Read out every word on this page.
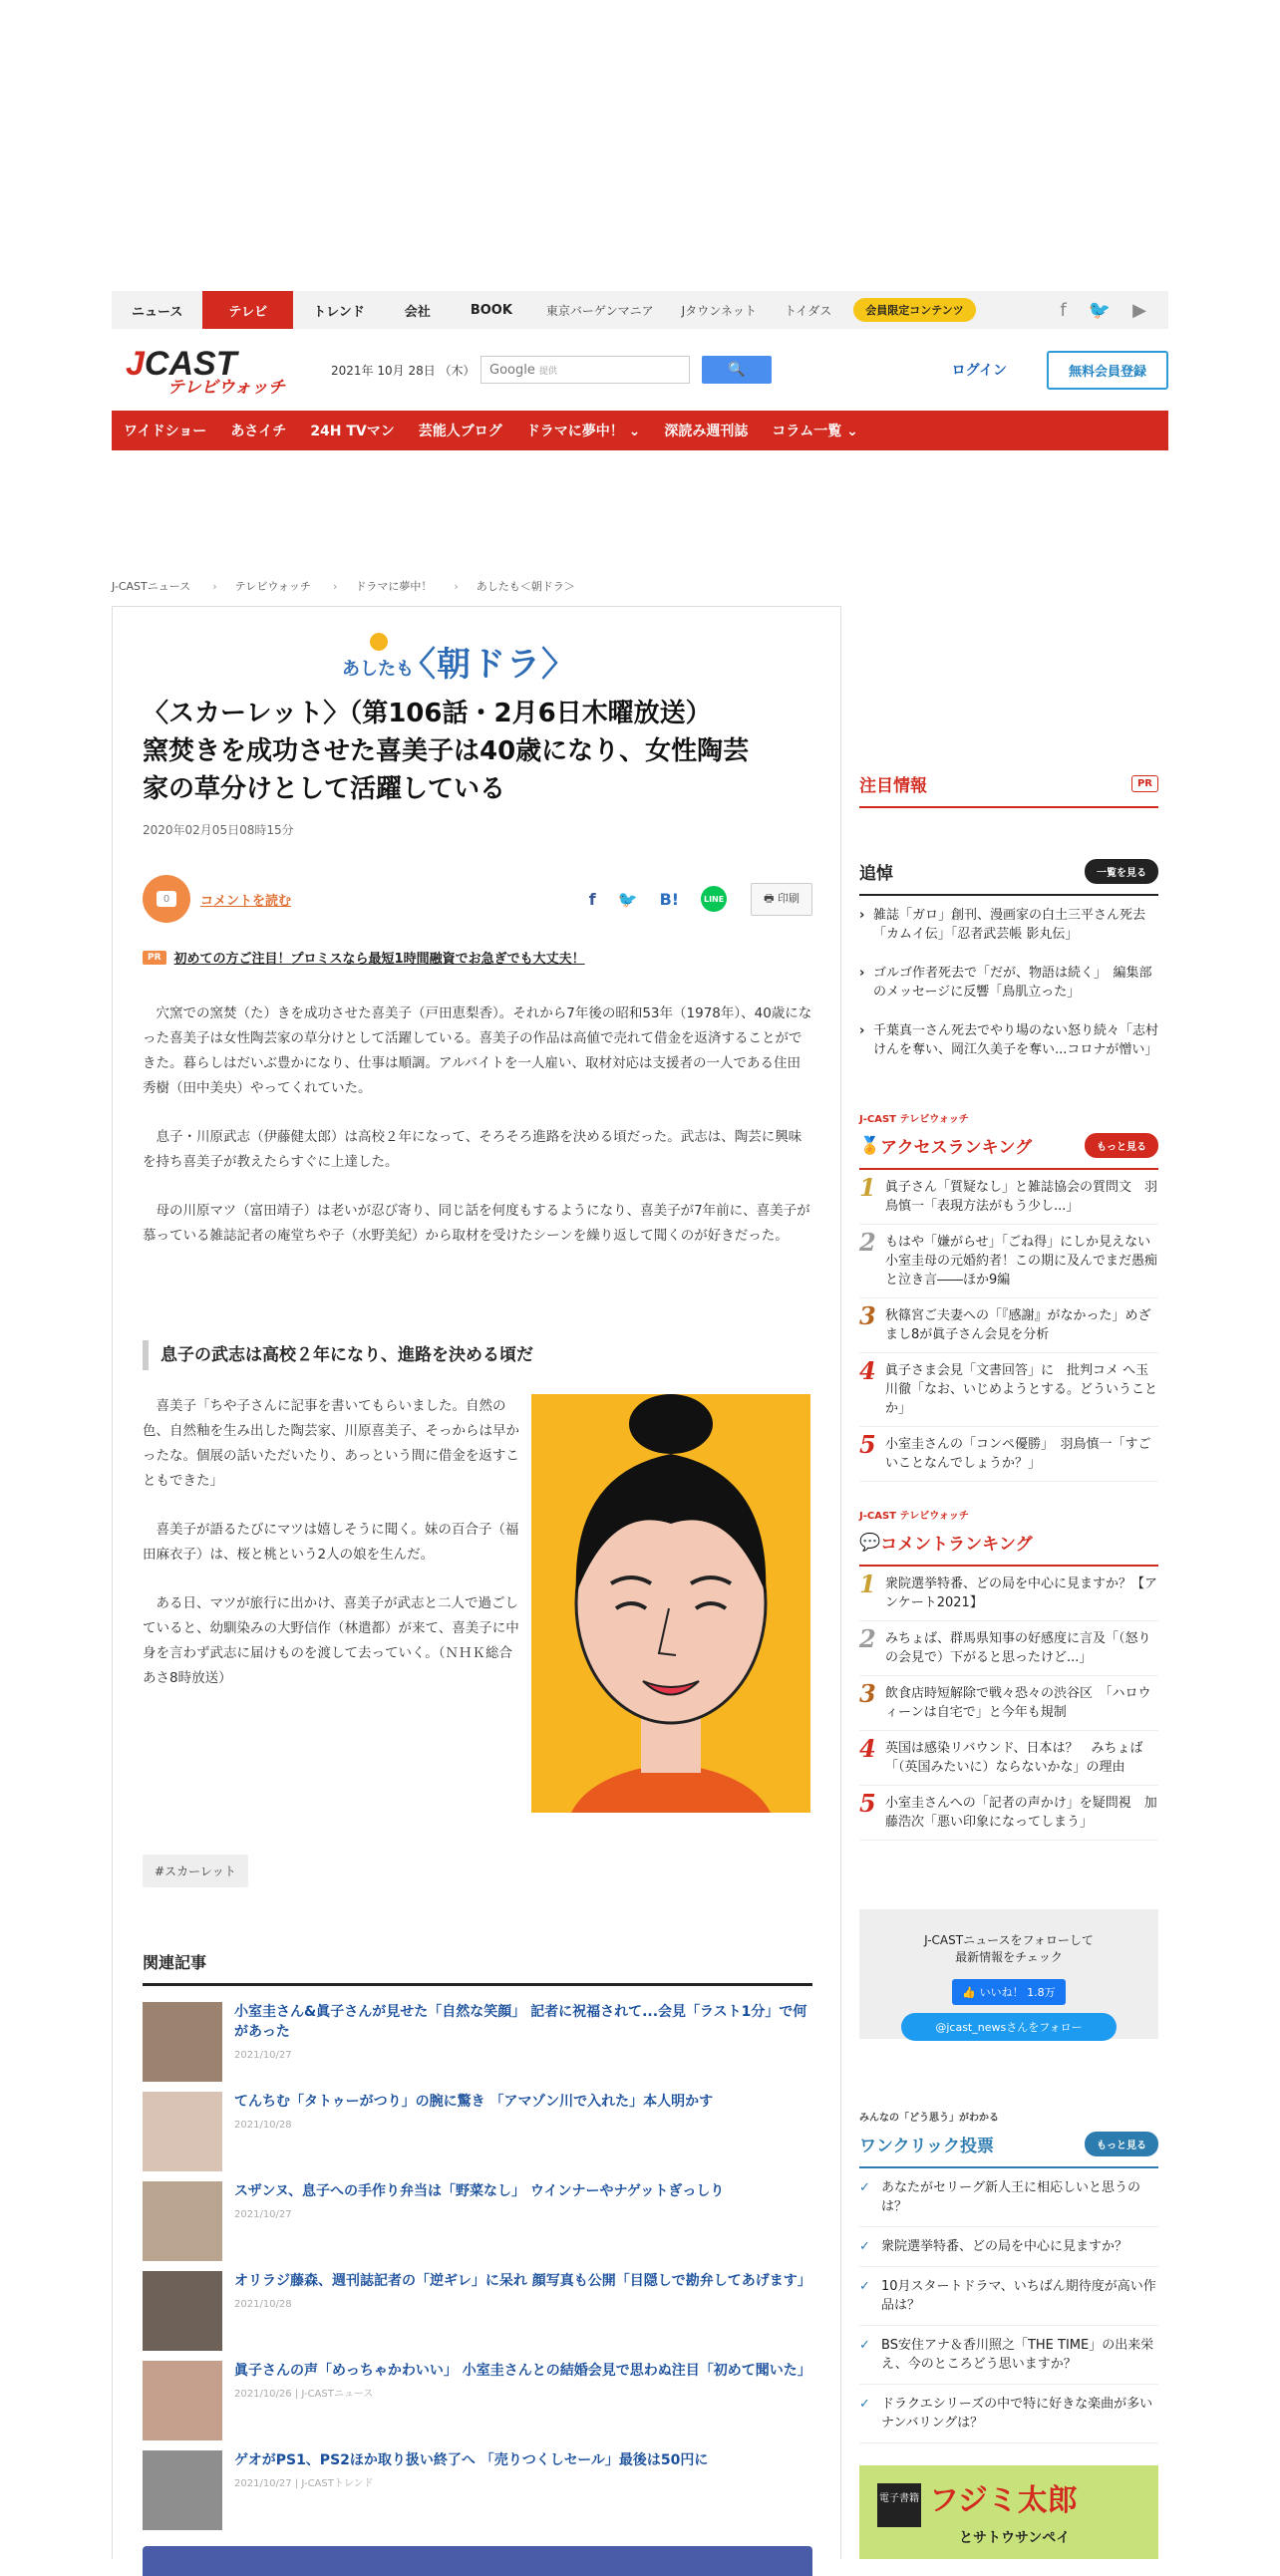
ニュース	テレビ	トレンド	会社	BOOK	東京バーゲンマニア	Jタウンネット	トイダス	会員限定コンテンツ	f 🐦 ▶
JCAST
テレビウォッチ
2021年 10月 28日 （木）	Google 提供	🔍	ログイン	無料会員登録
ワイドショー	あさイチ	24H TVマン	芸能人ブログ	ドラマに夢中！ ⌄	深読み週刊誌	コラム一覧 ⌄
J-CASTニュース	› テレビウォッチ	› ドラマに夢中！	› あしたも＜朝ドラ＞
あしたも
〈朝ドラ〉
〈スカーレット〉（第106話・2月6日木曜放送）
窯焚きを成功させた喜美子は40歳になり、女性陶芸
家の草分けとして活躍している
2020年02月05日08時15分
0	コメントを読む	f 🐦 B!	LINE	🖶 印刷
PR	初めての方ご注目！プロミスなら最短1時間融資でお急ぎでも大丈夫！

穴窯での窯焚（た）きを成功させた喜美子（戸田恵梨香）。それから7年後の昭和53年（1978年）、40歳になった喜美子は女性陶芸家の草分けとして活躍している。喜美子の作品は高値で売れて借金を返済することができた。暮らしはだいぶ豊かになり、仕事は順調。アルバイトを一人雇い、取材対応は支援者の一人である住田秀樹（田中美央）やってくれていた。

息子・川原武志（伊藤健太郎）は高校２年になって、そろそろ進路を決める頃だった。武志は、陶芸に興味を持ち喜美子が教えたらすぐに上達した。

母の川原マツ（富田靖子）は老いが忍び寄り、同じ話を何度もするようになり、喜美子が7年前に、喜美子が慕っている雑誌記者の庵堂ちや子（水野美紀）から取材を受けたシーンを繰り返して聞くのが好きだった。

息子の武志は高校２年になり、進路を決める頃だ

喜美子「ちや子さんに記事を書いてもらいました。自然の色、自然釉を生み出した陶芸家、川原喜美子、そっからは早かったな。個展の話いただいたり、あっという間に借金を返すこともできた」

喜美子が語るたびにマツは嬉しそうに聞く。妹の百合子（福田麻衣子）は、桜と桃という2人の娘を生んだ。

ある日、マツが旅行に出かけ、喜美子が武志と二人で過ごしていると、幼馴染みの大野信作（林遣都）が来て、喜美子に中身を言わず武志に届けものを渡して去っていく。（ＮＨＫ総合あさ8時放送）

#スカーレット
関連記事
小室圭さん&眞子さんが見せた「自然な笑顔」 記者に祝福されて...会見「ラスト1分」で何があった
2021/10/27
てんちむ「タトゥーがつり」の腕に驚き 「アマゾン川で入れた」本人明かす
2021/10/28
スザンヌ、息子への手作り弁当は「野菜なし」 ウインナーやナゲットぎっしり
2021/10/27
オリラジ藤森、週刊誌記者の「逆ギレ」に呆れ 顔写真も公開「目隠しで勘弁してあげます」
2021/10/28
眞子さんの声「めっちゃかわいい」 小室圭さんとの結婚会見で思わぬ注目「初めて聞いた」
2021/10/26 | J-CASTニュース
ゲオがPS1、PS2ほか取り扱い終了へ 「売りつくしセール」最後は50円に
2021/10/27 | J-CASTトレンド
注目情報	PR
追悼	一覧を見る
› 雑誌「ガロ」創刊、漫画家の白土三平さん死去　「カムイ伝」「忍者武芸帳 影丸伝」
› ゴルゴ作者死去で「だが、物語は続く」　編集部のメッセージに反響「鳥肌立った」
› 千葉真一さん死去でやり場のない怒り続々「志村けんを奪い、岡江久美子を奪い...コロナが憎い」
J-CAST テレビウォッチ
🏅 アクセスランキング	もっと見る
1 眞子さん「質疑なし」と雑誌協会の質問文　羽鳥慎一「表現方法がもう少し...」
2 もはや「嫌がらせ」「ごね得」にしか見えない小室圭母の元婚約者！この期に及んでまだ愚痴と泣き言――ほか9編
3 秋篠宮ご夫妻への「『感謝』がなかった」めざまし8が眞子さん会見を分析
4 眞子さま会見「文書回答」に　批判コメ へ玉川徹「なお、いじめようとする。どういうことか」
5 小室圭さんの「コンペ優勝」　羽鳥慎一「すごいことなんでしょうか？」
J-CAST テレビウォッチ
💬 コメントランキング
1 衆院選挙特番、どの局を中心に見ますか？【アンケート2021】
2 みちょば、群馬県知事の好感度に言及「（怒りの会見で）下がると思ったけど...」
3 飲食店時短解除で戦々恐々の渋谷区　「ハロウィーンは自宅で」と今年も規制
4 英国は感染リバウンド、日本は？　みちょば「（英国みたいに）ならないかな」の理由
5 小室圭さんへの「記者の声かけ」を疑問視　加藤浩次「悪い印象になってしまう」
J-CASTニュースをフォローして
最新情報をチェック
👍 いいね！ 1.8万
@jcast_newsさんをフォロー
みんなの「どう思う」がわかる
ワンクリック投票	もっと見る
✓ あなたがセリーグ新人王に相応しいと思うのは？
✓ 衆院選挙特番、どの局を中心に見ますか？
✓ 10月スタートドラマ、いちばん期待度が高い作品は？
✓ BS安住アナ＆香川照之「THE TIME」の出来栄え、今のところどう思いますか？
✓ ドラクエシリーズの中で特に好きな楽曲が多いナンバリングは？
電子書籍 フジミ太郎
とサトウサンペイ
